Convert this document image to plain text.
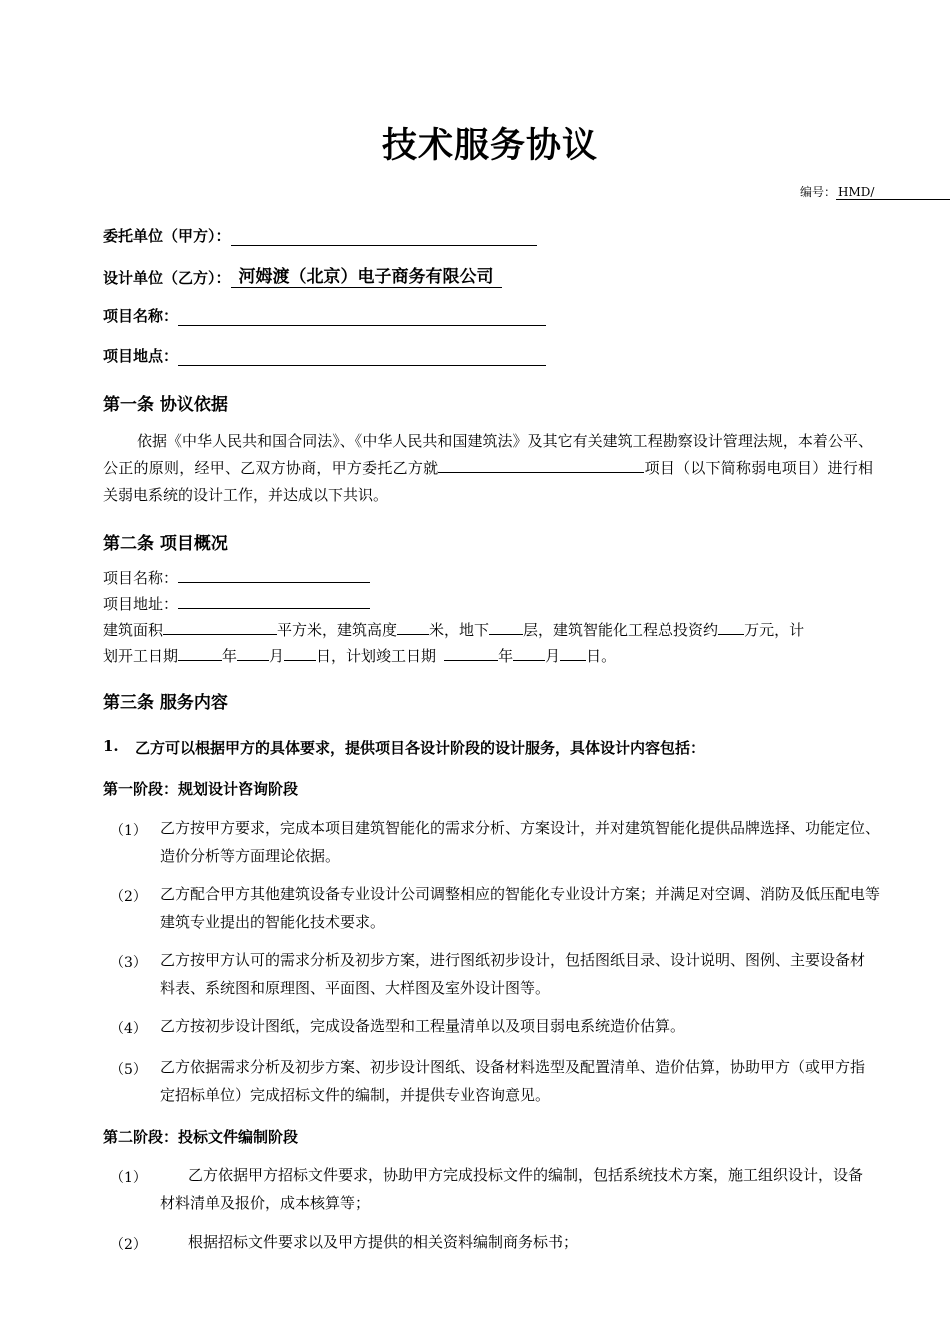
技术服务协议
编号： HMD/
委托单位（甲方）：
设计单位（乙方）： 河姆渡（北京）电子商务有限公司
项目名称：
项目地点：
第一条 协议依据
依据《中华人民共和国合同法》、《中华人民共和国建筑法》及其它有关建筑工程勘察设计管理法规，本着公平、公正的原则，经甲、乙双方协商，甲方委托乙方就	项目（以下简称弱电项目）进行相关弱电系统的设计工作，并达成以下共识。
第二条 项目概况
项目名称：
项目地址：
建筑面积	平方米，建筑高度 米，地下 层，建筑智能化工程总投资约 万元，计
划开工日期	年 月 日，计划竣工日期	年 月 日。
第三条 服务内容
1. 乙方可以根据甲方的具体要求，提供项目各设计阶段的设计服务，具体设计内容包括：
第一阶段：规划设计咨询阶段
（1） 乙方按甲方要求，完成本项目建筑智能化的需求分析、方案设计，并对建筑智能化提供品牌选择、功能定位、造价分析等方面理论依据。
（2） 乙方配合甲方其他建筑设备专业设计公司调整相应的智能化专业设计方案；并满足对空调、消防及低压配电等建筑专业提出的智能化技术要求。
（3） 乙方按甲方认可的需求分析及初步方案，进行图纸初步设计，包括图纸目录、设计说明、图例、主要设备材料表、系统图和原理图、平面图、大样图及室外设计图等。
（4） 乙方按初步设计图纸，完成设备选型和工程量清单以及项目弱电系统造价估算。
（5） 乙方依据需求分析及初步方案、初步设计图纸、设备材料选型及配置清单、造价估算，协助甲方（或甲方指定招标单位）完成招标文件的编制，并提供专业咨询意见。
第二阶段：投标文件编制阶段
（1）	乙方依据甲方招标文件要求，协助甲方完成投标文件的编制，包括系统技术方案，施工组织设计，设备材料清单及报价，成本核算等；
（2）	根据招标文件要求以及甲方提供的相关资料编制商务标书；
